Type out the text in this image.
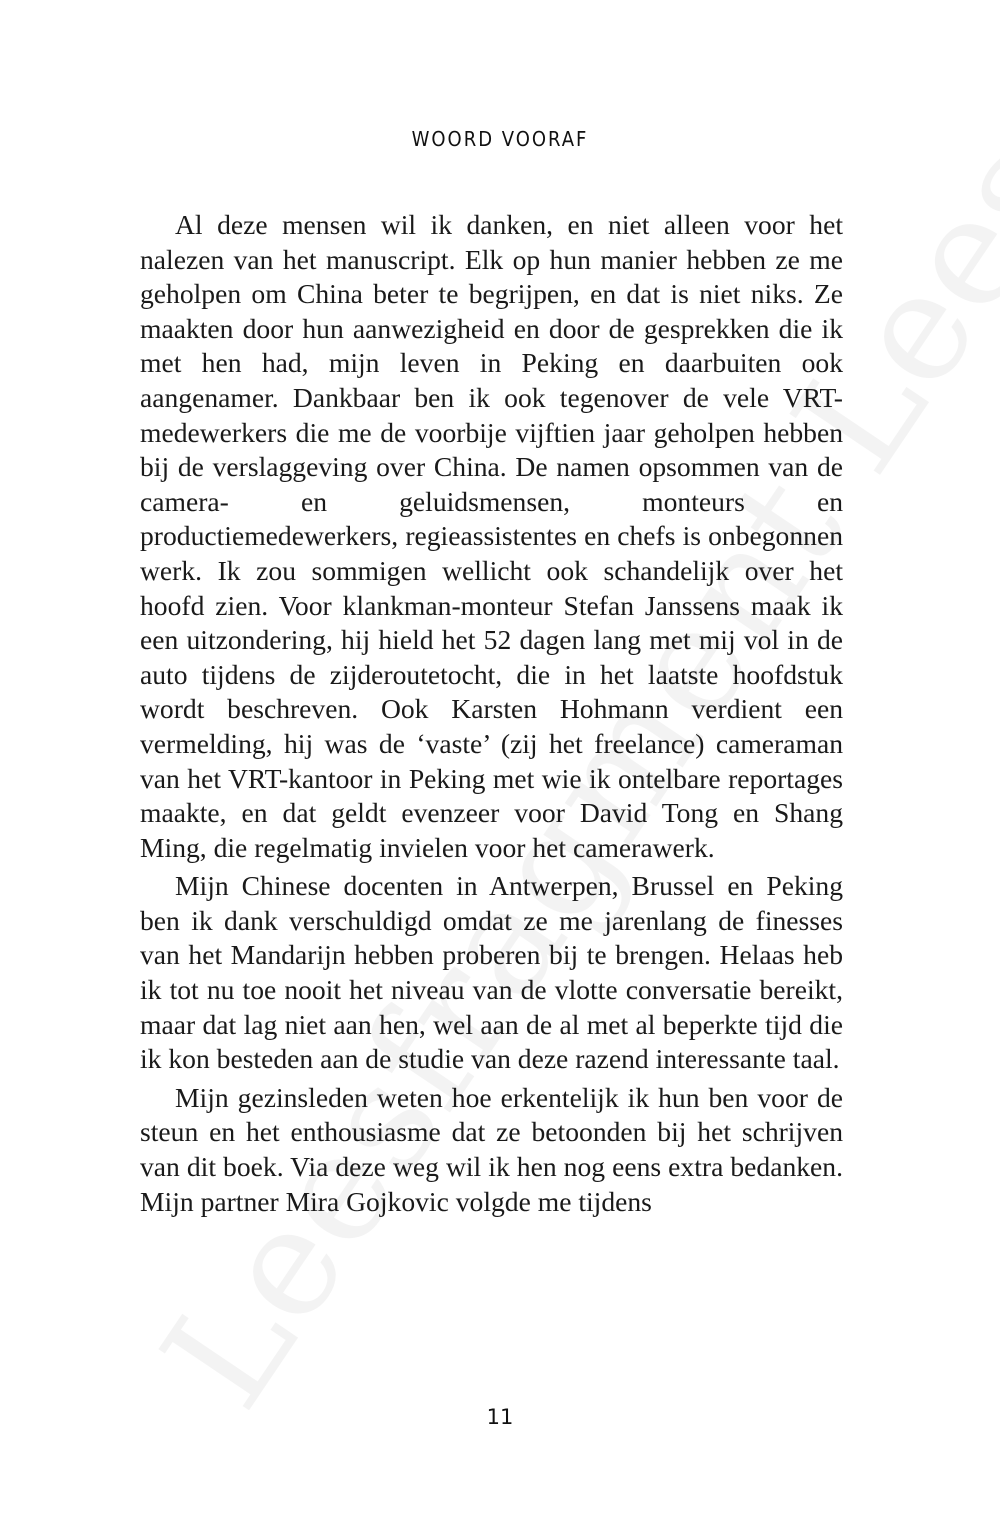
WOORD VOORAF

Al deze mensen wil ik danken, en niet alleen voor het nalezen van het manuscript. Elk op hun manier hebben ze me geholpen om China beter te begrijpen, en dat is niet niks. Ze maakten door hun aanwezigheid en door de gesprekken die ik met hen had, mijn leven in Peking en daarbuiten ook aangenamer. Dankbaar ben ik ook tegenover de vele VRT-medewerkers die me de voorbije vijftien jaar geholpen hebben bij de verslaggeving over China. De namen opsommen van de camera- en geluidsmensen, monteurs en productiemedewerkers, regieassistentes en chefs is onbegonnen werk. Ik zou sommigen wellicht ook schandelijk over het hoofd zien. Voor klankman-monteur Stefan Janssens maak ik een uitzondering, hij hield het 52 dagen lang met mij vol in de auto tijdens de zijderoutetocht, die in het laatste hoofdstuk wordt beschreven. Ook Karsten Hohmann verdient een vermelding, hij was de ‘vaste’ (zij het freelance) cameraman van het VRT-kantoor in Peking met wie ik ontelbare reportages maakte, en dat geldt evenzeer voor David Tong en Shang Ming, die regelmatig invielen voor het camerawerk.

Mijn Chinese docenten in Antwerpen, Brussel en Peking ben ik dank verschuldigd omdat ze me jarenlang de finesses van het Mandarijn hebben proberen bij te brengen. Helaas heb ik tot nu toe nooit het niveau van de vlotte conversatie bereikt, maar dat lag niet aan hen, wel aan de al met al beperkte tijd die ik kon besteden aan de studie van deze razend interessante taal.

Mijn gezinsleden weten hoe erkentelijk ik hun ben voor de steun en het enthousiasme dat ze betoonden bij het schrijven van dit boek. Via deze weg wil ik hen nog eens extra bedanken. Mijn partner Mira Gojkovic volgde me tijdens

11
